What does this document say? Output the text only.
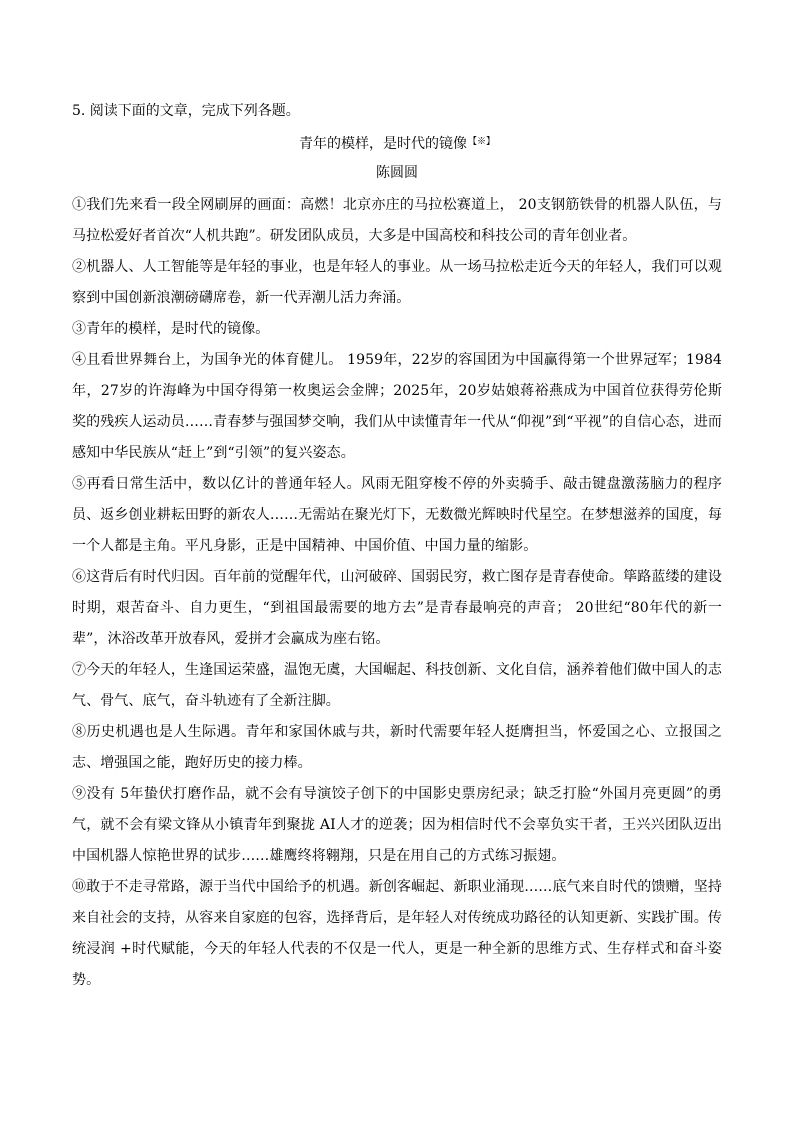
5. 阅读下面的文章，完成下列各题。
青年的模样，是时代的镜像【※】
陈圆圆

①我们先来看一段全网刷屏的画面：高燃！北京亦庄的马拉松赛道上， 20支钢筋铁骨的机器人队伍，与马拉松爱好者首次“人机共跑”。研发团队成员，大多是中国高校和科技公司的青年创业者。

②机器人、人工智能等是年轻的事业，也是年轻人的事业。从一场马拉松走近今天的年轻人，我们可以观察到中国创新浪潮磅礴席卷，新一代弄潮儿活力奔涌。

③青年的模样，是时代的镜像。

④且看世界舞台上，为国争光的体育健儿。 1959年，22岁的容国团为中国赢得第一个世界冠军；1984年，27岁的许海峰为中国夺得第一枚奥运会金牌；2025年，20岁姑娘蒋裕燕成为中国首位获得劳伦斯奖的残疾人运动员……青春梦与强国梦交响，我们从中读懂青年一代从“仰视”到“平视”的自信心态，进而感知中华民族从“赶上”到“引领”的复兴姿态。

⑤再看日常生活中，数以亿计的普通年轻人。风雨无阻穿梭不停的外卖骑手、敲击键盘激荡脑力的程序员、返乡创业耕耘田野的新农人……无需站在聚光灯下，无数微光辉映时代星空。在梦想滋养的国度，每一个人都是主角。平凡身影，正是中国精神、中国价值、中国力量的缩影。

⑥这背后有时代归因。百年前的觉醒年代，山河破碎、国弱民穷，救亡图存是青春使命。筚路蓝缕的建设时期，艰苦奋斗、自力更生，“到祖国最需要的地方去”是青春最响亮的声音； 20世纪“80年代的新一辈”，沐浴改革开放春风，爱拼才会赢成为座右铭。

⑦今天的年轻人，生逢国运荣盛，温饱无虞，大国崛起、科技创新、文化自信，涵养着他们做中国人的志气、骨气、底气，奋斗轨迹有了全新注脚。

⑧历史机遇也是人生际遇。青年和家国休戚与共，新时代需要年轻人挺膺担当，怀爱国之心、立报国之志、增强国之能，跑好历史的接力棒。

⑨没有 5年蛰伏打磨作品，就不会有导演饺子创下的中国影史票房纪录；缺乏打脸“外国月亮更圆”的勇气，就不会有梁文锋从小镇青年到聚拢 AI人才的逆袭；因为相信时代不会辜负实干者，王兴兴团队迈出中国机器人惊艳世界的试步……雄鹰终将翱翔，只是在用自己的方式练习振翅。

⑩敢于不走寻常路，源于当代中国给予的机遇。新创客崛起、新职业涌现……底气来自时代的馈赠，坚持来自社会的支持，从容来自家庭的包容，选择背后，是年轻人对传统成功路径的认知更新、实践扩围。传统浸润 +时代赋能，今天的年轻人代表的不仅是一代人，更是一种全新的思维方式、生存样式和奋斗姿势。
